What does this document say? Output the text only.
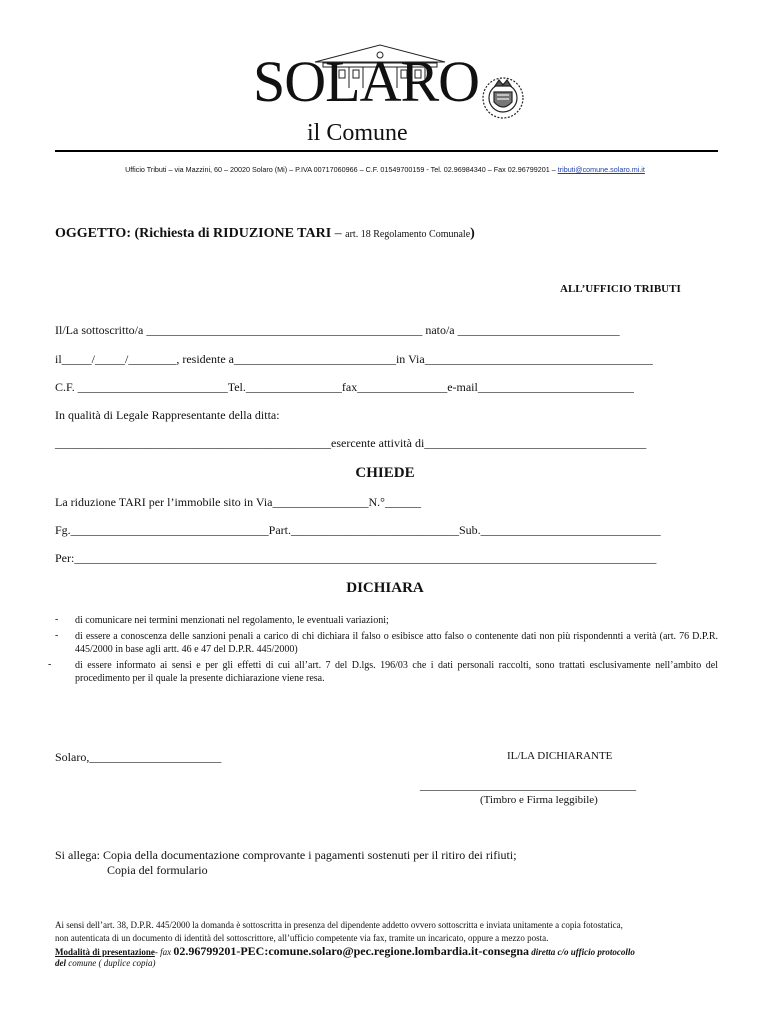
SOLARO
il Comune
Ufficio Tributi – via Mazzini, 60 – 20020 Solaro (Mi) – P.IVA 00717060966 – C.F. 01549700159 - Tel. 02.96984340 – Fax 02.96799201 – tributi@comune.solaro.mi.it
OGGETTO: (Richiesta di RIDUZIONE TARI – art. 18 Regolamento Comunale)
ALL’UFFICIO TRIBUTI
Il/La sottoscritto/a ______________________________________________ nato/a ___________________________
il_____/_____/________, residente a___________________________in Via______________________________________
C.F. _________________________Tel.________________fax_______________e-mail__________________________
In qualità di Legale Rappresentante della ditta:
______________________________________________esercente attività di_____________________________________
CHIEDE
La riduzione TARI per l’immobile sito in Via________________N.°______
Fg._________________________________Part.____________________________Sub.______________________________
Per:_________________________________________________________________________________________________
DICHIARA
- di comunicare nei termini menzionati nel regolamento, le eventuali variazioni;
- di essere a conoscenza delle sanzioni penali a carico di chi dichiara il falso o esibisce atto falso o contenente dati non più rispondennti a verità (art. 76 D.P.R. 445/2000 in base agli artt. 46 e 47 del D.P.R. 445/2000)
- di essere informato ai sensi e per gli effetti di cui all’art. 7 del D.lgs. 196/03 che i dati personali raccolti, sono trattati esclusivamente nell’ambito del procedimento per il quale la presente dichiarazione viene resa.
Solaro,______________________	IL/LA DICHIARANTE
____________________________________
(Timbro e Firma leggibile)
Si allega: Copia della documentazione comprovante i pagamenti sostenuti per il ritiro dei rifiuti;
Copia del formulario
Ai sensi dell’art. 38, D.P.R. 445/2000 la domanda è sottoscritta in presenza del dipendente addetto ovvero sottoscritta e inviata unitamente a copia fotostatica,
non autenticata di un documento di identità del sottoscrittore, all’ufficio competente via fax, tramite un incaricato, oppure a mezzo posta.
Modalità di presentazione- fax 02.96799201-PEC:comune.solaro@pec.regione.lombardia.it-consegna diretta c/o ufficio protocollo
del comune ( duplice copia)
